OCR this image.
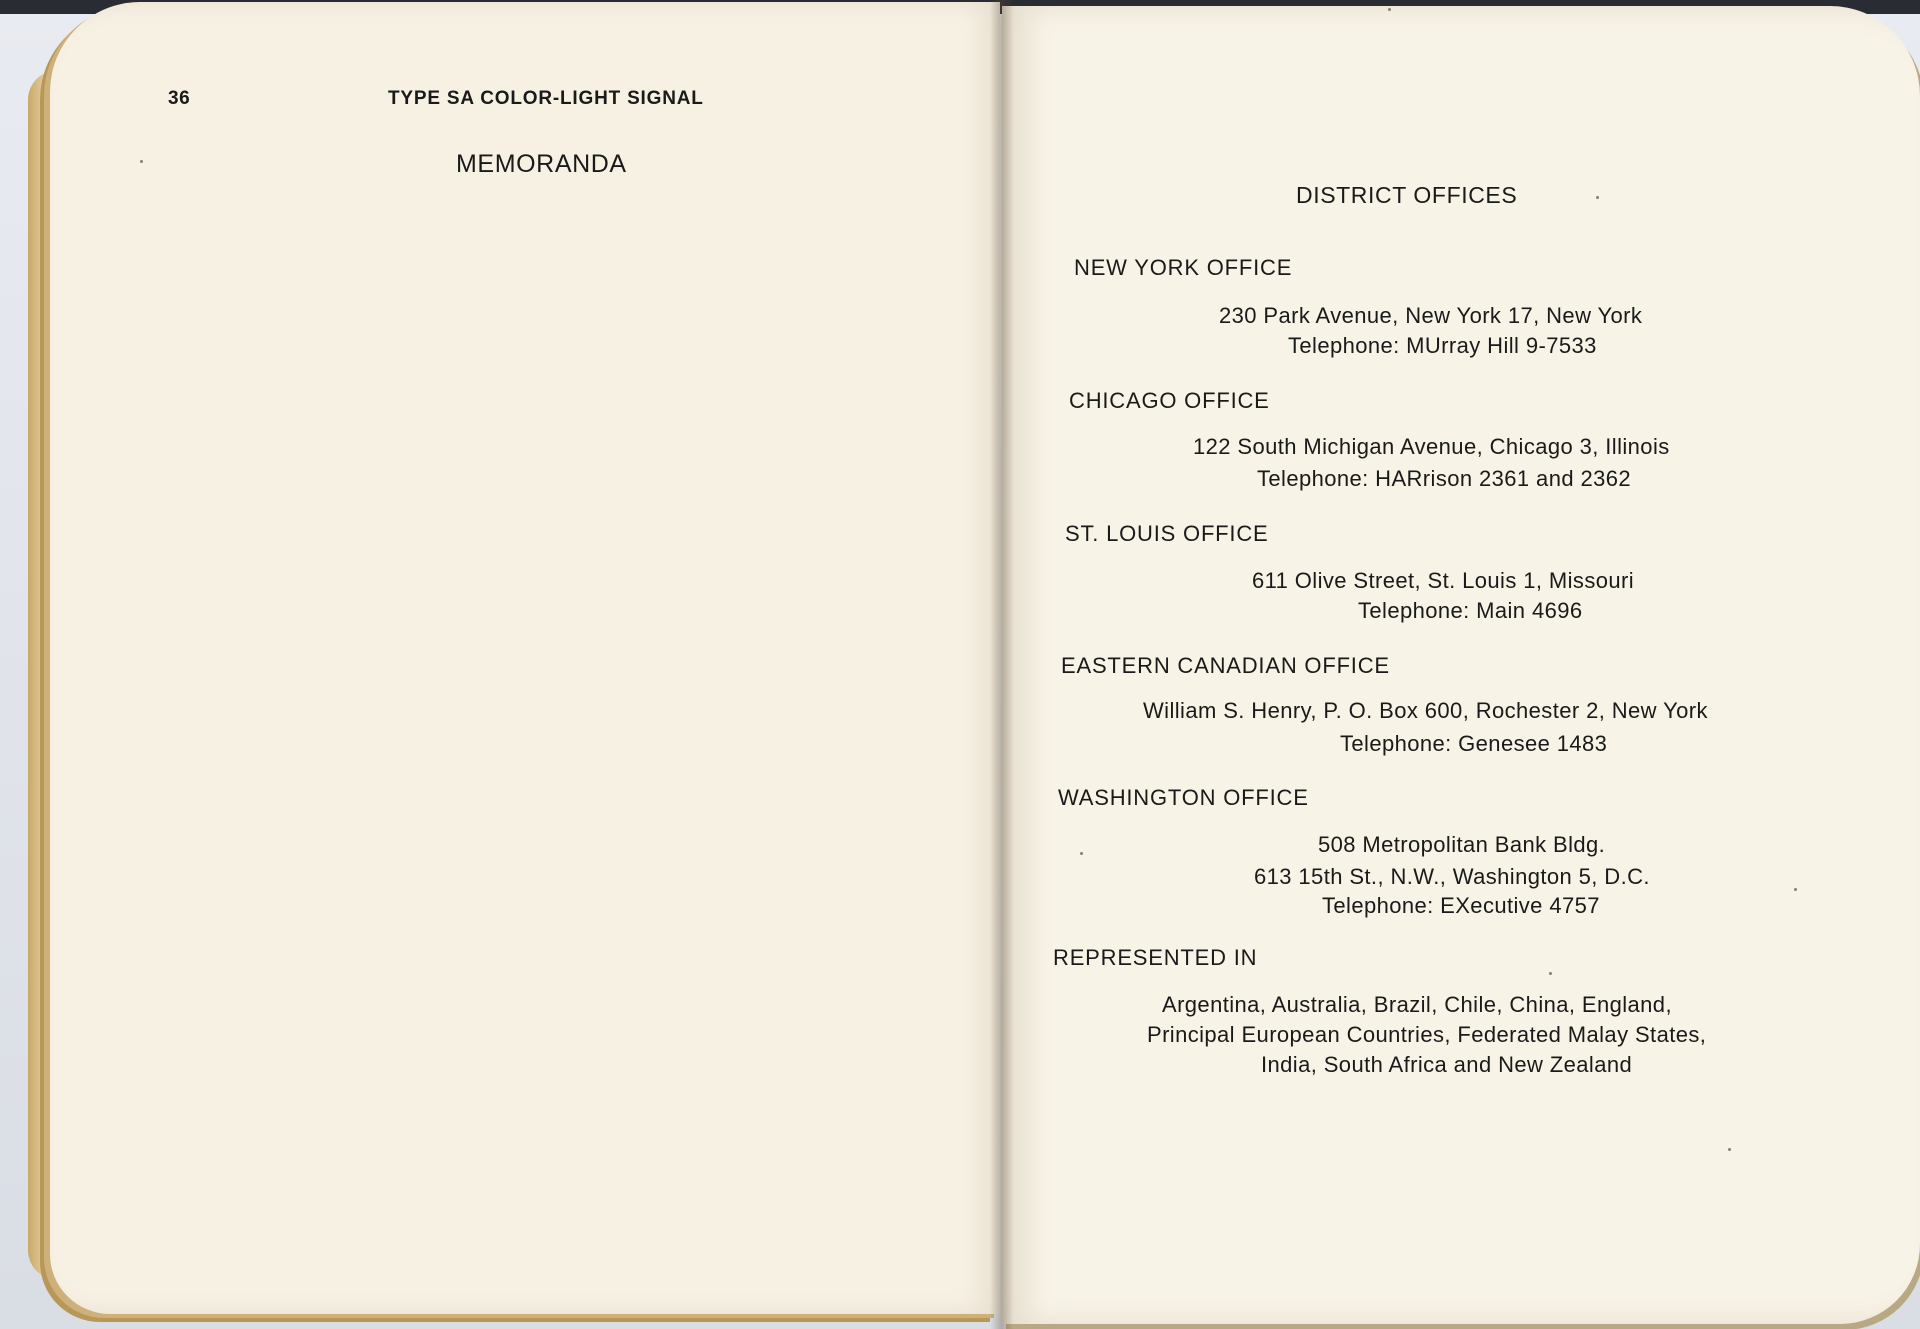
36	TYPE SA COLOR-LIGHT SIGNAL
MEMORANDA
DISTRICT OFFICES
NEW YORK OFFICE
230 Park Avenue, New York 17, New York
Telephone: MUrray Hill 9-7533
CHICAGO OFFICE
122 South Michigan Avenue, Chicago 3, Illinois
Telephone: HARrison 2361 and 2362
ST. LOUIS OFFICE
611 Olive Street, St. Louis 1, Missouri
Telephone: Main 4696
EASTERN CANADIAN OFFICE
William S. Henry, P. O. Box 600, Rochester 2, New York
Telephone: Genesee 1483
WASHINGTON OFFICE
508 Metropolitan Bank Bldg.
613 15th St., N.W., Washington 5, D.C.
Telephone: EXecutive 4757
REPRESENTED IN
Argentina, Australia, Brazil, Chile, China, England,
Principal European Countries, Federated Malay States,
India, South Africa and New Zealand
